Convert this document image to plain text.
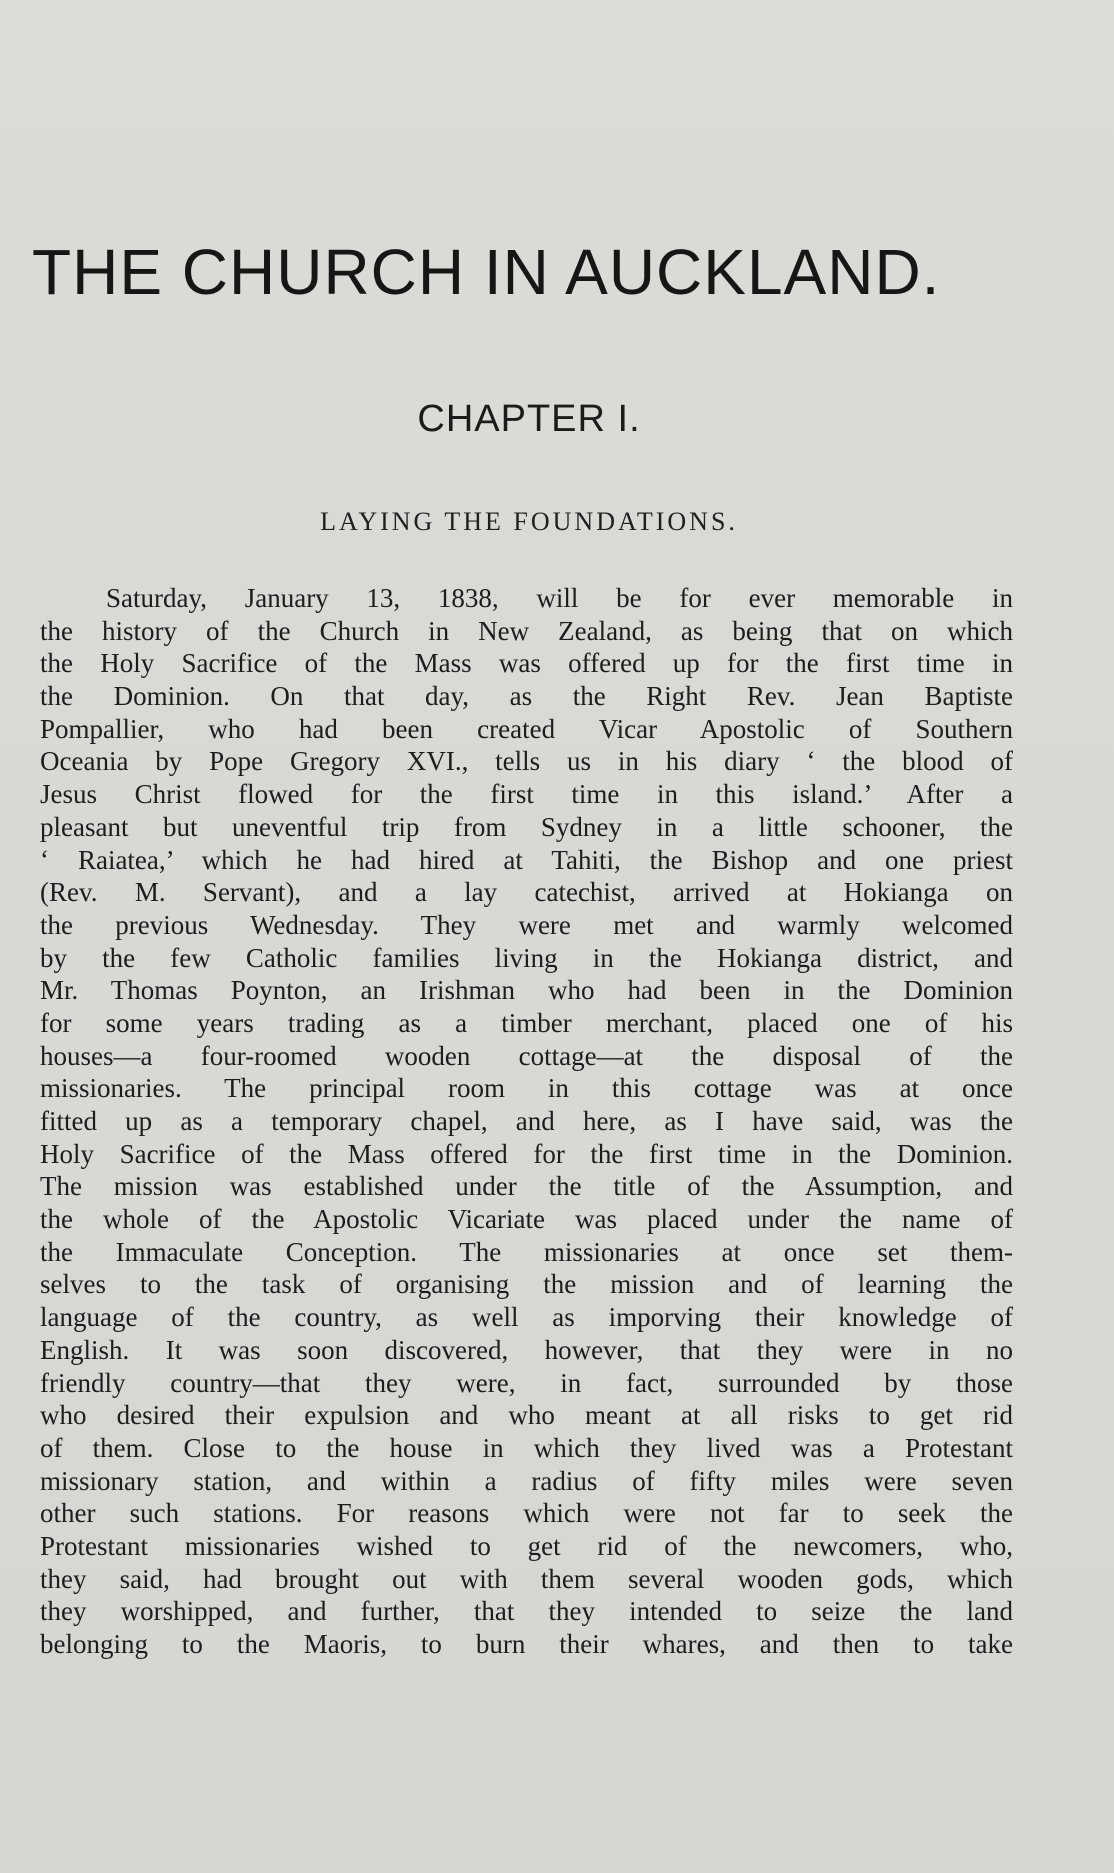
THE CHURCH IN AUCKLAND.
CHAPTER I.
LAYING THE FOUNDATIONS.
Saturday, January 13, 1838, will be for ever memorable in
the history of the Church in New Zealand, as being that on which
the Holy Sacrifice of the Mass was offered up for the first time in
the Dominion. On that day, as the Right Rev. Jean Baptiste
Pompallier, who had been created Vicar Apostolic of Southern
Oceania by Pope Gregory XVI., tells us in his diary ‘ the blood of
Jesus Christ flowed for the first time in this island.’ After a
pleasant but uneventful trip from Sydney in a little schooner, the
‘ Raiatea,’ which he had hired at Tahiti, the Bishop and one priest
(Rev. M. Servant), and a lay catechist, arrived at Hokianga on
the previous Wednesday. They were met and warmly welcomed
by the few Catholic families living in the Hokianga district, and
Mr. Thomas Poynton, an Irishman who had been in the Dominion
for some years trading as a timber merchant, placed one of his
houses—a four-roomed wooden cottage—at the disposal of the
missionaries. The principal room in this cottage was at once
fitted up as a temporary chapel, and here, as I have said, was the
Holy Sacrifice of the Mass offered for the first time in the Dominion.
The mission was established under the title of the Assumption, and
the whole of the Apostolic Vicariate was placed under the name of
the Immaculate Conception. The missionaries at once set them-
selves to the task of organising the mission and of learning the
language of the country, as well as imporving their knowledge of
English. It was soon discovered, however, that they were in no
friendly country—that they were, in fact, surrounded by those
who desired their expulsion and who meant at all risks to get rid
of them. Close to the house in which they lived was a Protestant
missionary station, and within a radius of fifty miles were seven
other such stations. For reasons which were not far to seek the
Protestant missionaries wished to get rid of the newcomers, who,
they said, had brought out with them several wooden gods, which
they worshipped, and further, that they intended to seize the land
belonging to the Maoris, to burn their whares, and then to take
